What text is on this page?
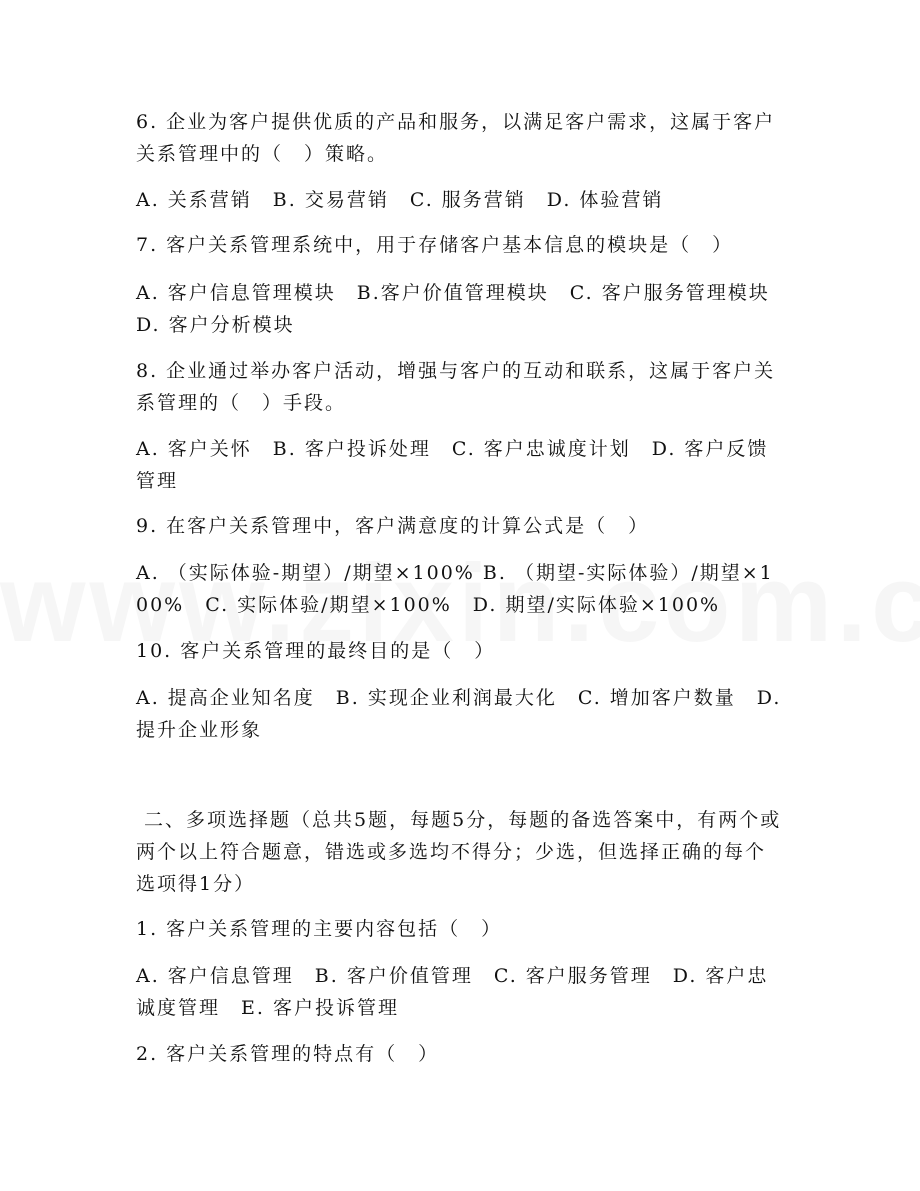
6. 企业为客户提供优质的产品和服务，以满足客户需求，这属于客户关系管理中的（　）策略。
A. 关系营销　B. 交易营销　C. 服务营销　D. 体验营销
7. 客户关系管理系统中，用于存储客户基本信息的模块是（　）
A. 客户信息管理模块　B.客户价值管理模块　C. 客户服务管理模块　D. 客户分析模块
8. 企业通过举办客户活动，增强与客户的互动和联系，这属于客户关系管理的（　）手段。
A. 客户关怀　B. 客户投诉处理　C. 客户忠诚度计划　D. 客户反馈管理
9. 在客户关系管理中，客户满意度的计算公式是（　）
A. （实际体验-期望）/期望×100% B. （期望-实际体验）/期望×100%　C. 实际体验/期望×100%　D. 期望/实际体验×100%
10. 客户关系管理的最终目的是（　）
A. 提高企业知名度　B. 实现企业利润最大化　C. 增加客户数量　D. 提升企业形象
二、多项选择题（总共5题，每题5分，每题的备选答案中，有两个或两个以上符合题意，错选或多选均不得分；少选，但选择正确的每个选项得1分）
1. 客户关系管理的主要内容包括（　）
A. 客户信息管理　B. 客户价值管理　C. 客户服务管理　D. 客户忠诚度管理　E. 客户投诉管理
2. 客户关系管理的特点有（　）
